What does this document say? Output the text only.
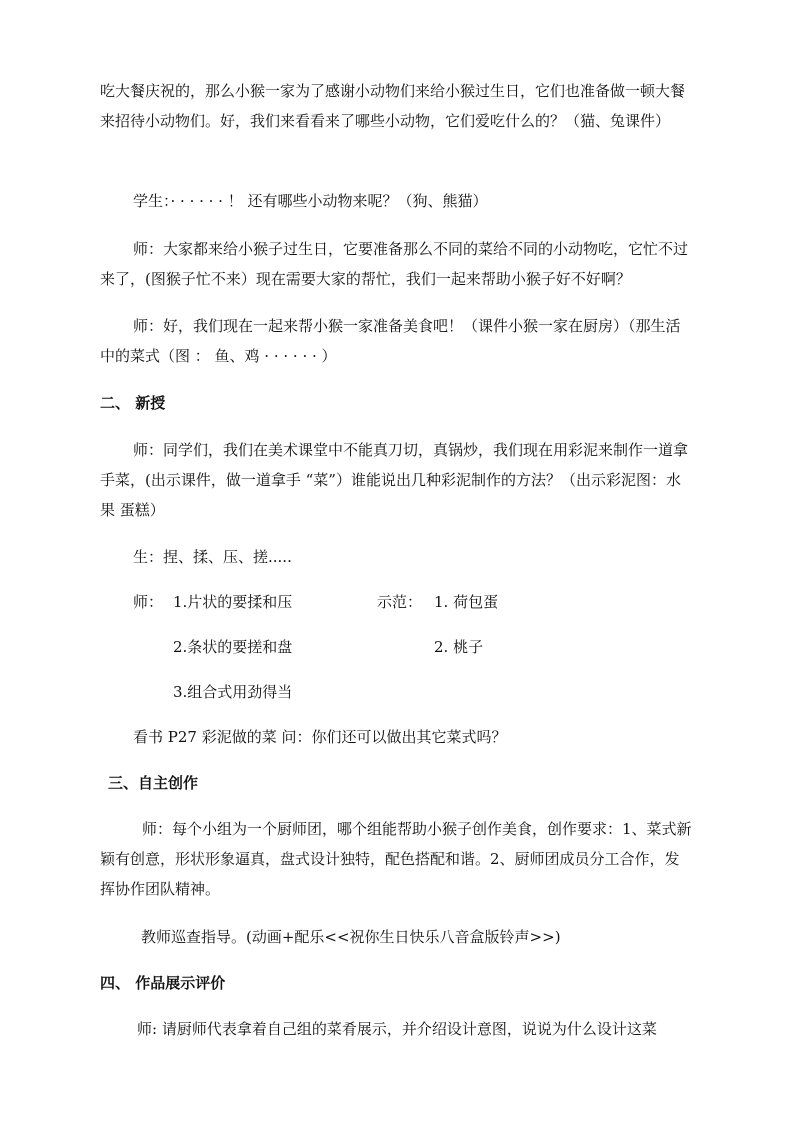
吃大餐庆祝的，那么小猴一家为了感谢小动物们来给小猴过生日，它们也准备做一顿大餐来招待小动物们。好，我们来看看来了哪些小动物，它们爱吃什么的？（猫、兔课件）
学生：· · · · · · ！ 还有哪些小动物来呢？（狗、熊猫）
师：大家都来给小猴子过生日，它要准备那么不同的菜给不同的小动物吃，它忙不过来了，(图猴子忙不来）现在需要大家的帮忙，我们一起来帮助小猴子好不好啊？
师：好，我们现在一起来帮小猴一家准备美食吧！（课件小猴一家在厨房）（那生活中的菜式（图 ： 鱼、鸡 · · · · · · ）
二、 新授
师：同学们，我们在美术课堂中不能真刀切，真锅炒，我们现在用彩泥来制作一道拿手菜，(出示课件，做一道拿手 “菜”）谁能说出几种彩泥制作的方法？（出示彩泥图：水果 蛋糕）
生：捏、揉、压、搓.....
师： 1.片状的要揉和压	示范： 1. 荷包蛋
2.条状的要搓和盘	2. 桃子
3.组合式用劲得当
看书 P27 彩泥做的菜 问：你们还可以做出其它菜式吗？
三、自主创作
师：每个小组为一个厨师团，哪个组能帮助小猴子创作美食，创作要求：1、菜式新颖有创意，形状形象逼真，盘式设计独特，配色搭配和谐。2、厨师团成员分工合作，发挥协作团队精神。
教师巡查指导。(动画+配乐<<祝你生日快乐八音盒版铃声>>)
四、 作品展示评价
师: 请厨师代表拿着自己组的菜肴展示，并介绍设计意图，说说为什么设计这菜
